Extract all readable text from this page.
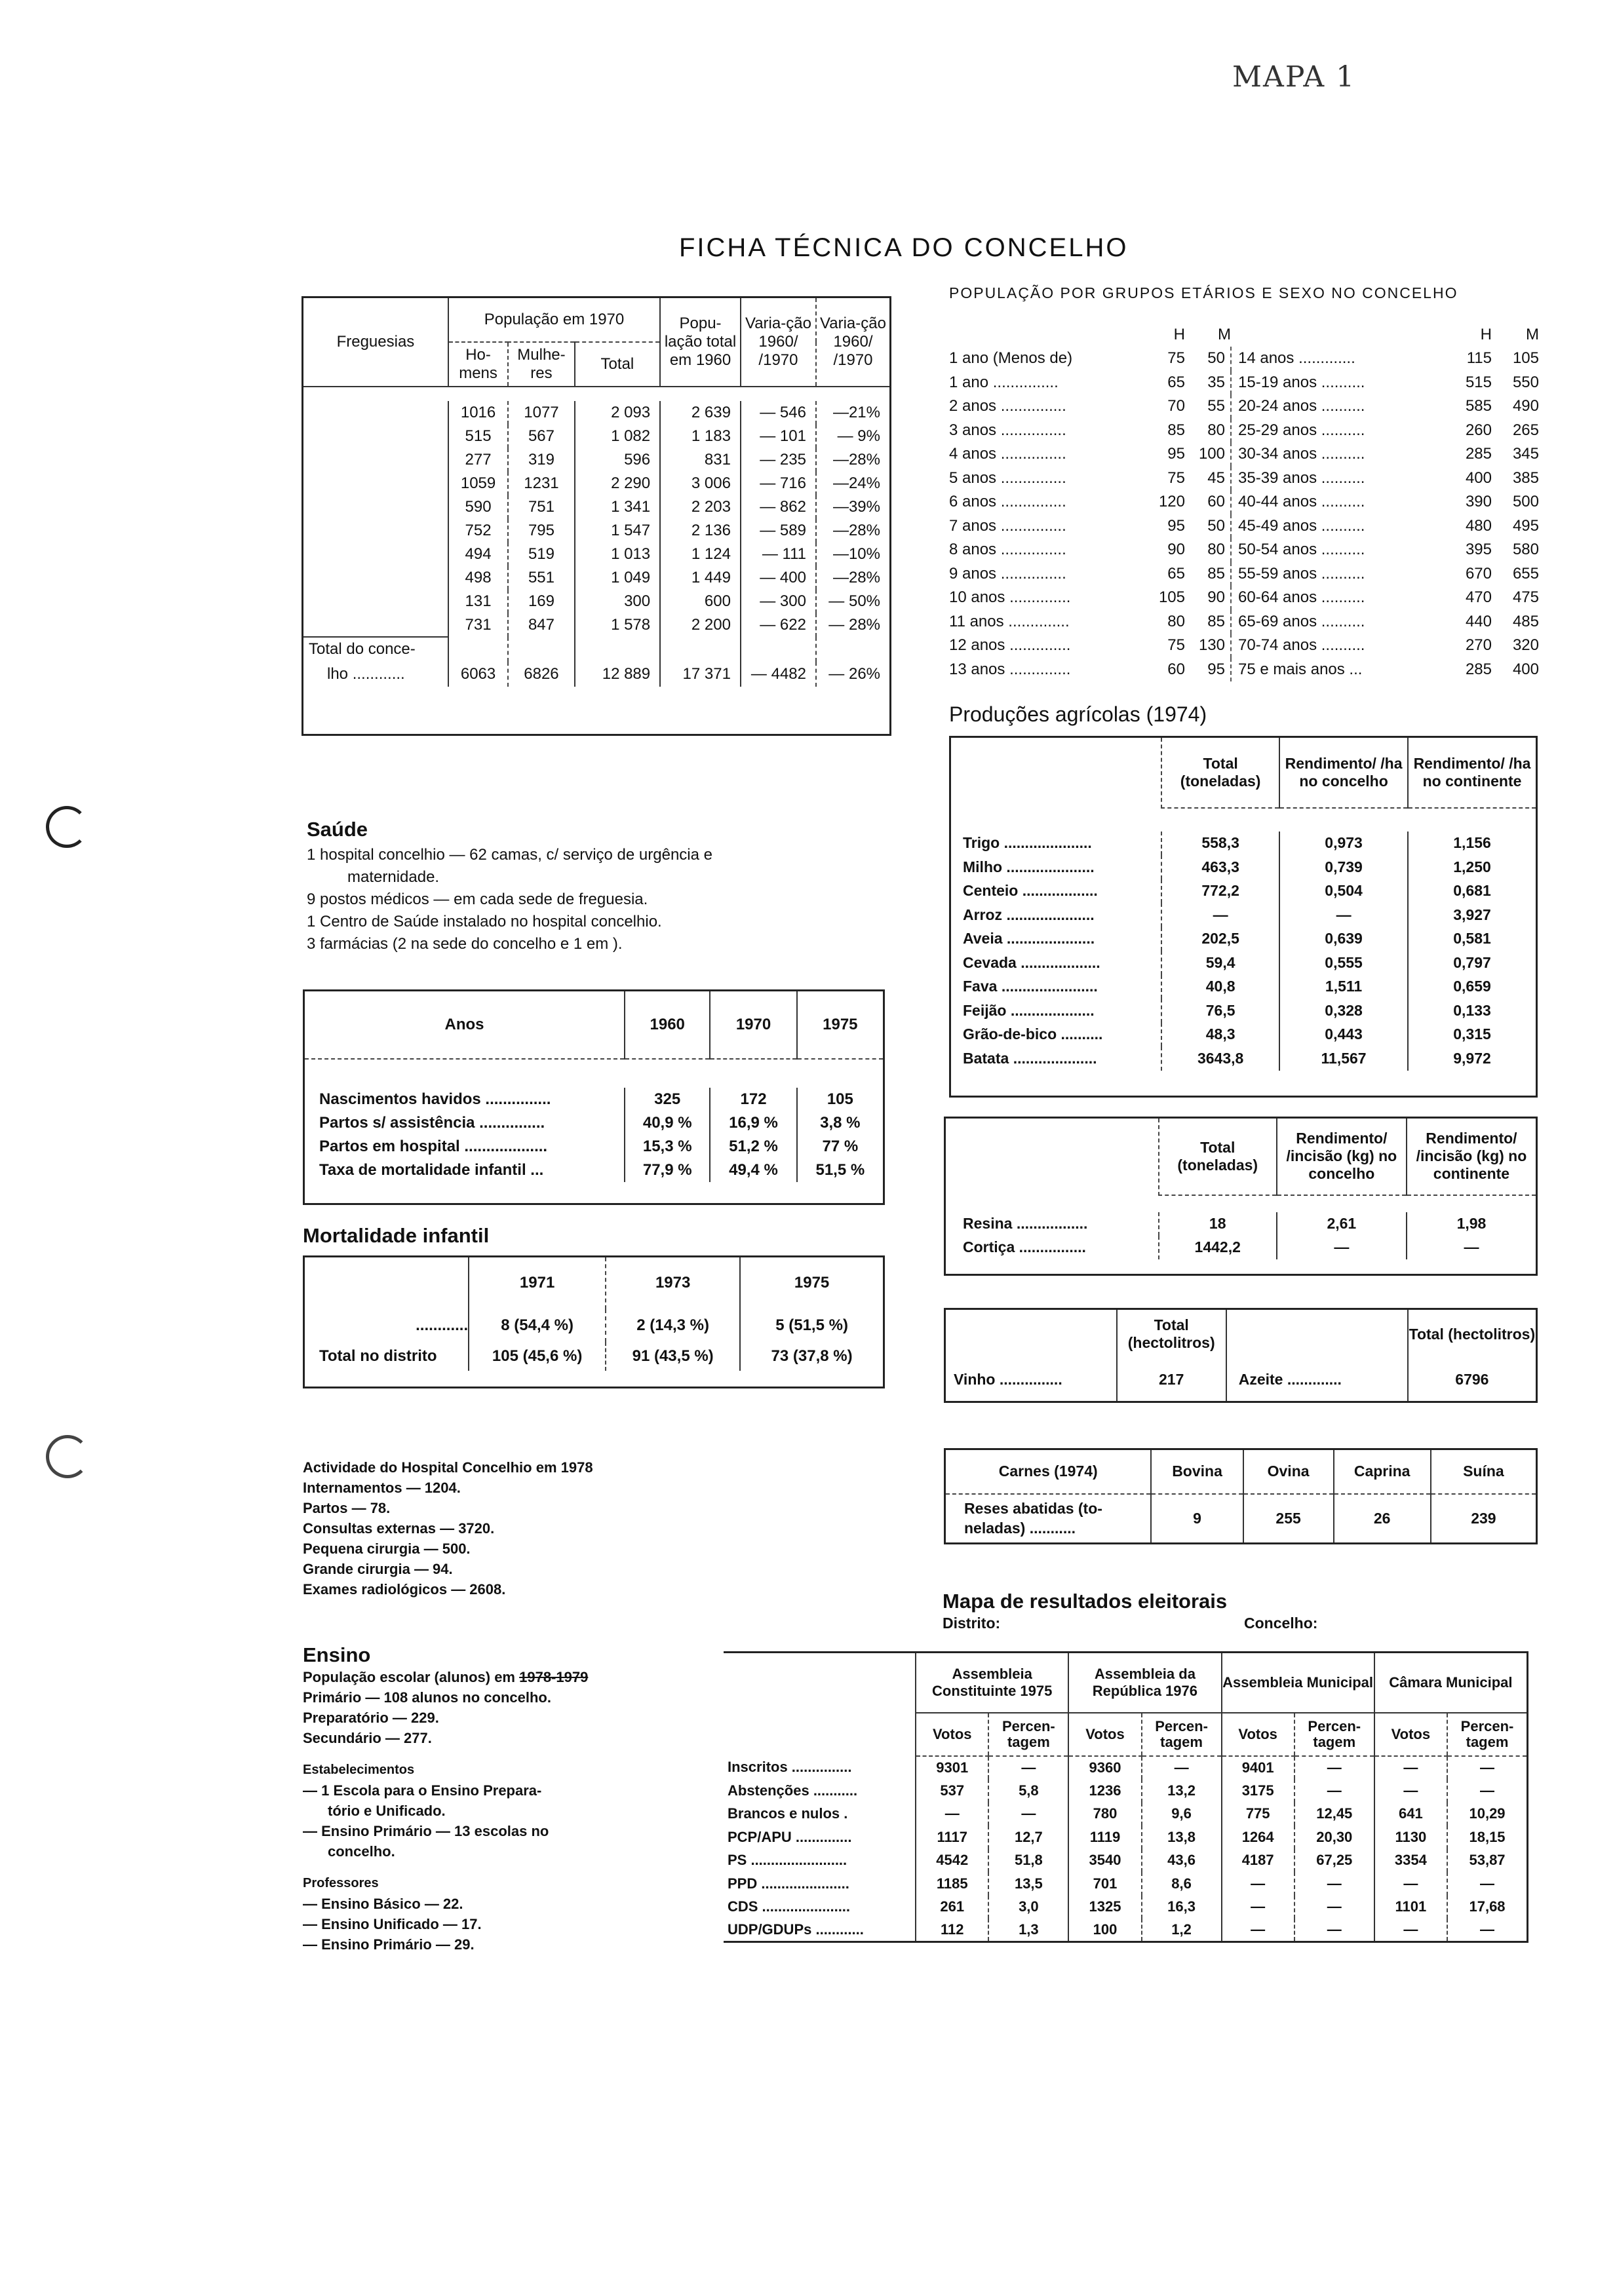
MAPA 1
FICHA TÉCNICA DO CONCELHO
Freguesias	População em 1970			Popu-lação total em 1960	Varia-ção 1960/ /1970	Varia-ção 1960/ /1970
	Ho-mens	Mulhe-res	Total			

	1016	1077	2 093	2 639	— 546	—21%
	515	567	1 082	1 183	— 101	— 9%
	277	319	596	831	— 235	—28%
	1059	1231	2 290	3 006	— 716	—24%
	590	751	1 341	2 203	— 862	—39%
	752	795	1 547	2 136	— 589	—28%
	494	519	1 013	1 124	— 111	—10%
	498	551	1 049	1 449	— 400	—28%
	131	169	300	600	— 300	— 50%
	731	847	1 578	2 200	— 622	— 28%
Total do conce-						
lho ............	6063	6826	12 889	17 371	— 4482	— 26%

POPULAÇÃO POR GRUPOS ETÁRIOS E SEXO NO CONCELHO
	H	M		H	M
1 ano (Menos de)	75	50	14 anos .............	115	105
1 ano ...............	65	35	15-19 anos ..........	515	550
2 anos ...............	70	55	20-24 anos ..........	585	490
3 anos ...............	85	80	25-29 anos ..........	260	265
4 anos ...............	95	100	30-34 anos ..........	285	345
5 anos ...............	75	45	35-39 anos ..........	400	385
6 anos ...............	120	60	40-44 anos ..........	390	500
7 anos ...............	95	50	45-49 anos ..........	480	495
8 anos ...............	90	80	50-54 anos ..........	395	580
9 anos ...............	65	85	55-59 anos ..........	670	655
10 anos ..............	105	90	60-64 anos ..........	470	475
11 anos ..............	80	85	65-69 anos ..........	440	485
12 anos ..............	75	130	70-74 anos ..........	270	320
13 anos ..............	60	95	75 e mais anos ...	285	400
Saúde

1 hospital concelhio — 62 camas, c/ serviço de urgência e

maternidade.

9 postos médicos — em cada sede de freguesia.

1 Centro de Saúde instalado no hospital concelhio.

3 farmácias (2 na sede do concelho e 1 em ).

Anos	1960	1970	1975

Nascimentos havidos ...............	325	172	105
Partos s/ assistência ...............	40,9 %	16,9 %	3,8 %
Partos em hospital ...................	15,3 %	51,2 %	77 %
Taxa de mortalidade infantil ...	77,9 %	49,4 %	51,5 %

Mortalidade infantil
	1971	1973	1975
............	8 (54,4 %)	2 (14,3 %)	5 (51,5 %)
Total no distrito	105 (45,6 %)	91 (43,5 %)	73 (37,8 %)

Actividade do Hospital Concelhio em 1978

Internamentos — 1204.

Partos — 78.

Consultas externas — 3720.

Pequena cirurgia — 500.

Grande cirurgia — 94.

Exames radiológicos — 2608.

Ensino

População escolar (alunos) em 1978-1979

Primário — 108 alunos no concelho.

Preparatório — 229.

Secundário — 277.

Estabelecimentos

— 1 Escola para o Ensino Prepara-

tório e Unificado.

— Ensino Primário — 13 escolas no

concelho.

Professores

— Ensino Básico — 22.

— Ensino Unificado — 17.

— Ensino Primário — 29.

Produções agrícolas (1974)
	Total (toneladas)	Rendimento/ /ha no concelho	Rendimento/ /ha no continente

Trigo .....................	558,3	0,973	1,156
Milho .....................	463,3	0,739	1,250
Centeio ..................	772,2	0,504	0,681
Arroz .....................	—	—	3,927
Aveia .....................	202,5	0,639	0,581
Cevada ...................	59,4	0,555	0,797
Fava .......................	40,8	1,511	0,659
Feijão ....................	76,5	0,328	0,133
Grão-de-bico ..........	48,3	0,443	0,315
Batata ....................	3643,8	11,567	9,972

	Total (toneladas)	Rendimento/ /incisão (kg) no concelho	Rendimento/ /incisão (kg) no continente

Resina .................	18	2,61	1,98
Cortiça ................	1442,2	—	—

	Total (hectolitros)		Total (hectolitros)
Vinho ...............	217	Azeite .............	6796
Carnes (1974)	Bovina	Ovina	Caprina	Suína

Reses abatidas (to-
neladas) ...........	9	255	26	239
Mapa de resultados eleitorais
Distrito:	Concelho:
	Assembleia Constituinte 1975		Assembleia da República 1976		Assembleia Municipal		Câmara Municipal	
	Votos	Percen-tagem	Votos	Percen-tagem	Votos	Percen-tagem	Votos	Percen-tagem
Inscritos ...............	9301	—	9360	—	9401	—	—	—
Abstenções ...........	537	5,8	1236	13,2	3175	—	—	—
Brancos e nulos .	—	—	780	9,6	775	12,45	641	10,29
PCP/APU ..............	1117	12,7	1119	13,8	1264	20,30	1130	18,15
PS ........................	4542	51,8	3540	43,6	4187	67,25	3354	53,87
PPD ......................	1185	13,5	701	8,6	—	—	—	—
CDS ......................	261	3,0	1325	16,3	—	—	1101	17,68
UDP/GDUPs ............	112	1,3	100	1,2	—	—	—	—
